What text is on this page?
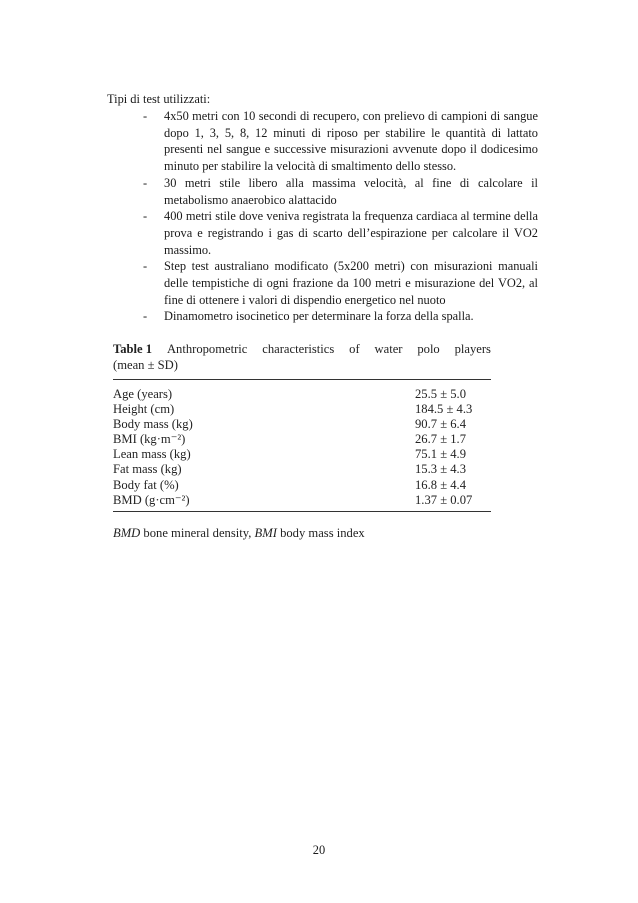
Tipi di test utilizzati:
- 4x50 metri con 10 secondi di recupero, con prelievo di campioni di sangue dopo 1, 3, 5, 8, 12 minuti di riposo per stabilire le quantità di lattato presenti nel sangue e successive misurazioni avvenute dopo il dodicesimo minuto per stabilire la velocità di smaltimento dello stesso.
- 30 metri stile libero alla massima velocità, al fine di calcolare il metabolismo anaerobico alattacido
- 400 metri stile dove veniva registrata la frequenza cardiaca al termine della prova e registrando i gas di scarto dell’espirazione per calcolare il VO2 massimo.
- Step test australiano modificato (5x200 metri) con misurazioni manuali delle tempistiche di ogni frazione da 100 metri e misurazione del VO2, al fine di ottenere i valori di dispendio energetico nel nuoto
- Dinamometro isocinetico per determinare la forza della spalla.
Table 1 Anthropometric characteristics of water polo players
(mean ± SD)
Age (years)	25.5 ± 5.0
Height (cm)	184.5 ± 4.3
Body mass (kg)	90.7 ± 6.4
BMI (kg·m⁻²)	26.7 ± 1.7
Lean mass (kg)	75.1 ± 4.9
Fat mass (kg)	15.3 ± 4.3
Body fat (%)	16.8 ± 4.4
BMD (g·cm⁻²)	1.37 ± 0.07
BMD bone mineral density, BMI body mass index
20
